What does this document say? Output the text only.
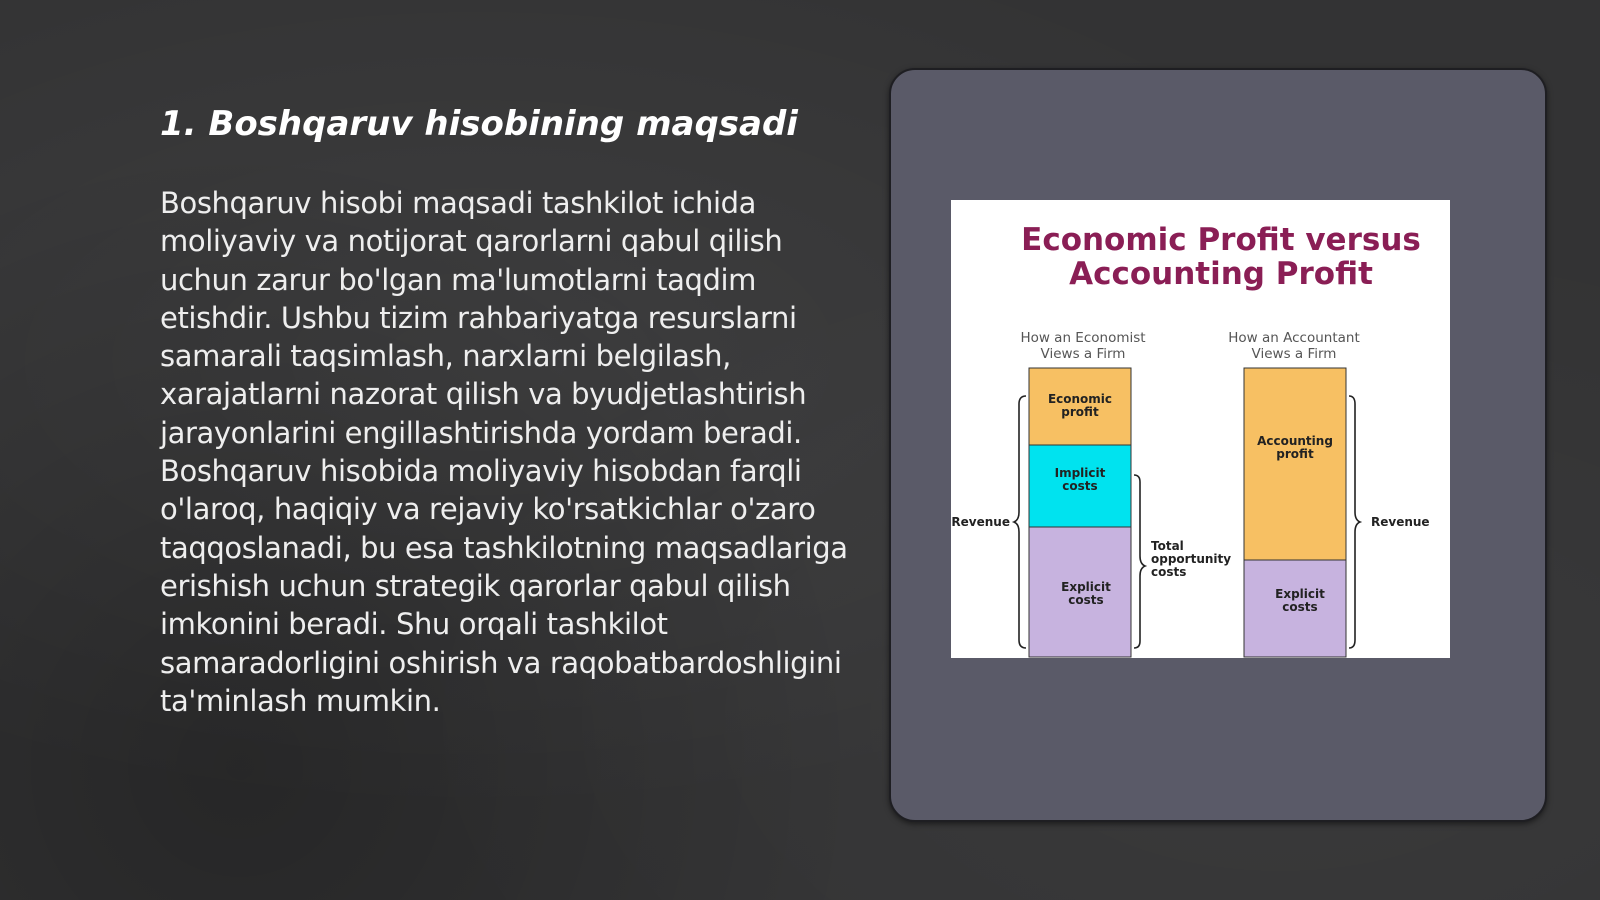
1. Boshqaruv hisobining maqsadi

Boshqaruv hisobi maqsadi tashkilot ichida moliyaviy va notijorat qarorlarni qabul qilish uchun zarur bo'lgan ma'lumotlarni taqdim etishdir. Ushbu tizim rahbariyatga resurslarni samarali taqsimlash, narxlarni belgilash, xarajatlarni nazorat qilish va byudjetlashtirish jarayonlarini engillashtirishda yordam beradi. Boshqaruv hisobida moliyaviy hisobdan farqli o'laroq, haqiqiy va rejaviy ko'rsatkichlar o'zaro taqqoslanadi, bu esa tashkilotning maqsadlariga erishish uchun strategik qarorlar qabul qilish imkonini beradi. Shu orqali tashkilot samaradorligini oshirish va raqobatbardoshligini ta'minlash mumkin.

Economic Profit versus
Accounting Profit
How an Economist
Views a Firm
How an Accountant
Views a Firm
Economic
profit
Implicit
costs
Explicit
costs
Revenue
Total
opportunity
costs
Accounting
profit
Explicit
costs
Revenue
